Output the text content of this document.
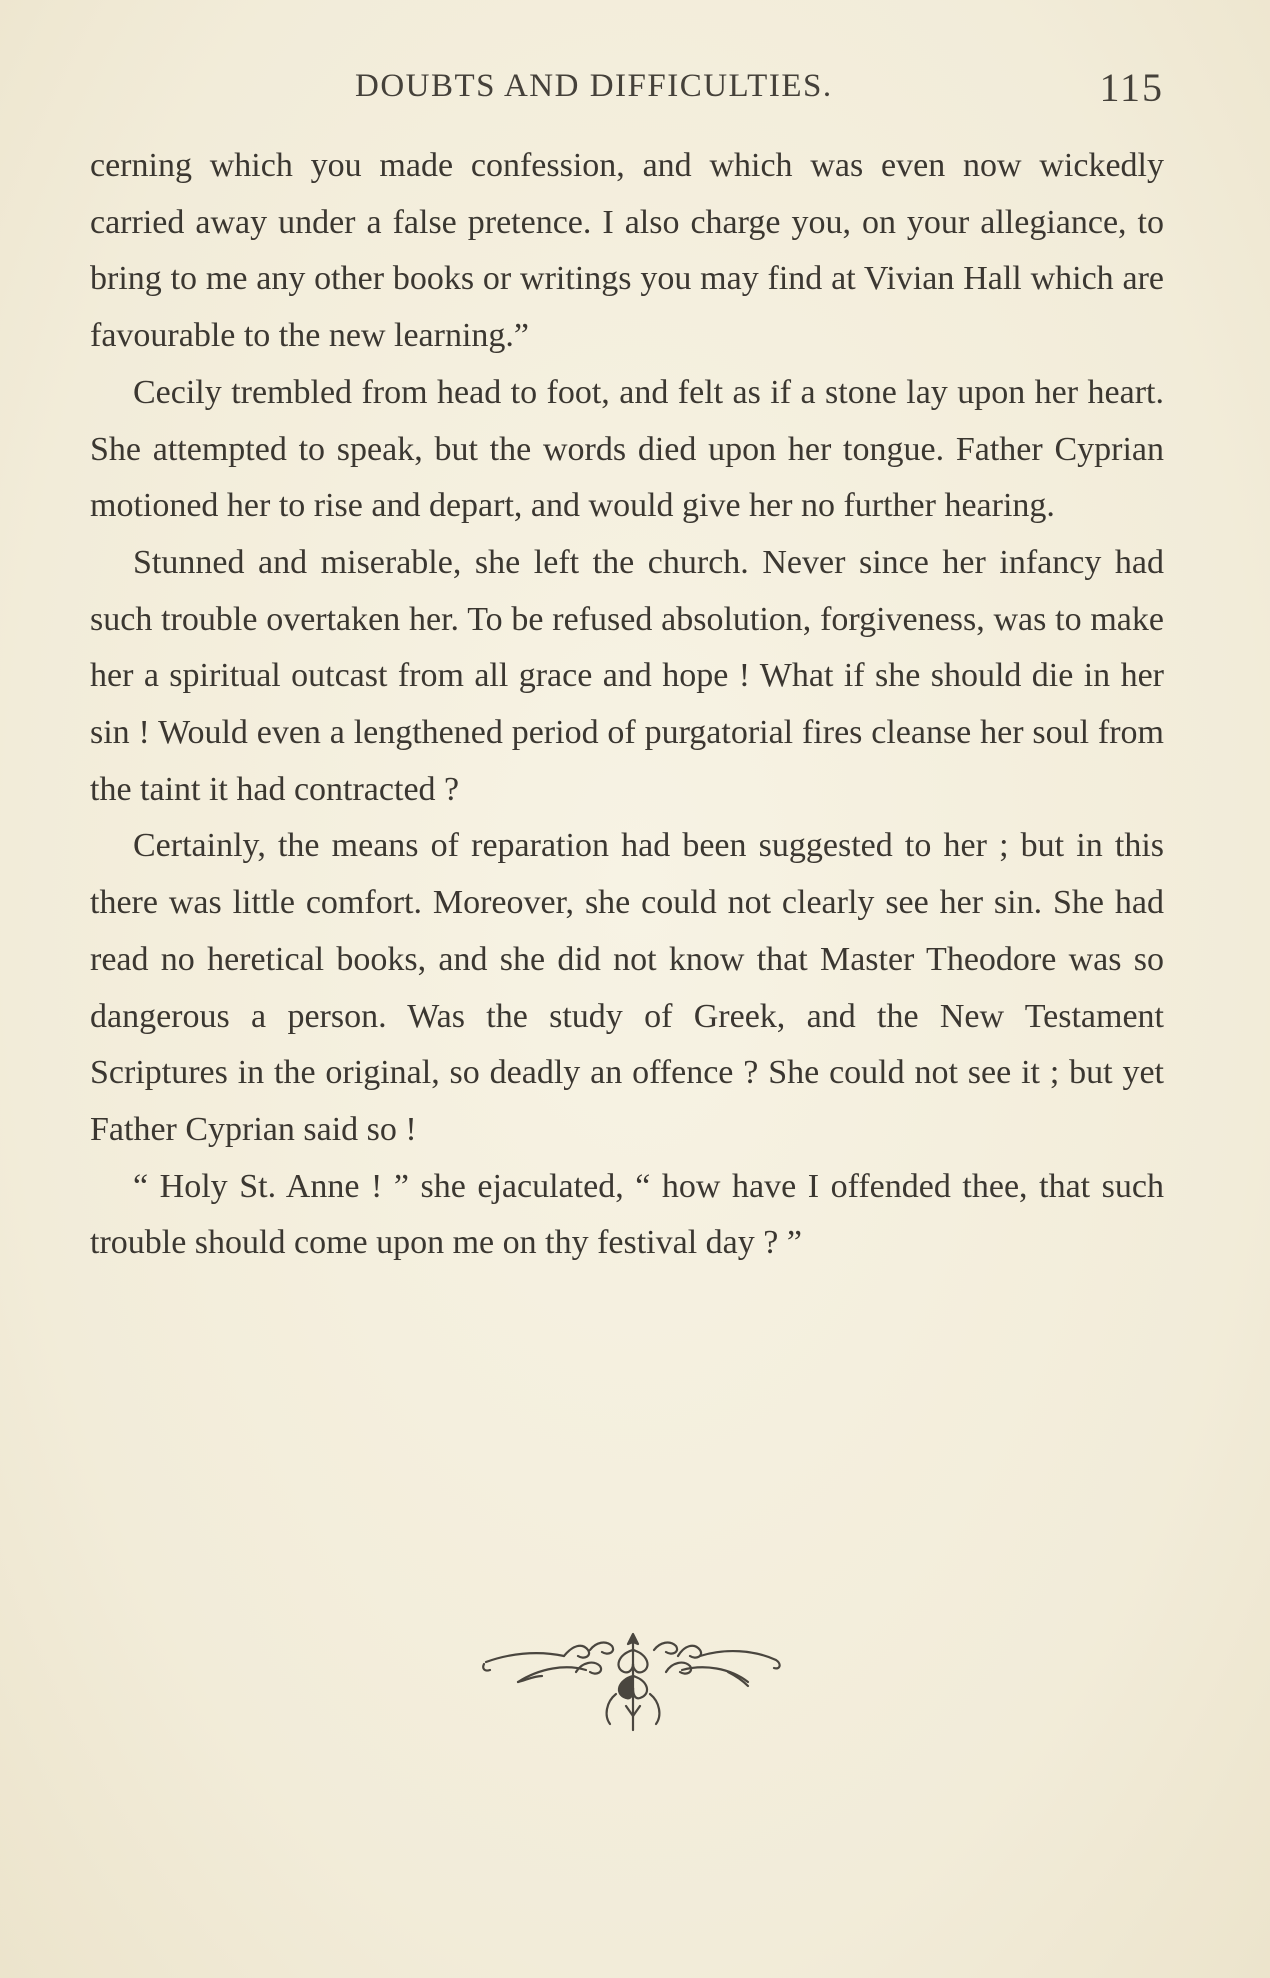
DOUBTS AND DIFFICULTIES.	115

cerning which you made confession, and which was even now wickedly carried away under a false pretence. I also charge you, on your allegiance, to bring to me any other books or writings you may find at Vivian Hall which are favourable to the new learning.”

Cecily trembled from head to foot, and felt as if a stone lay upon her heart. She attempted to speak, but the words died upon her tongue. Father Cyprian motioned her to rise and depart, and would give her no further hearing.

Stunned and miserable, she left the church. Never since her infancy had such trouble overtaken her. To be refused absolution, forgiveness, was to make her a spiritual outcast from all grace and hope ! What if she should die in her sin ! Would even a lengthened period of purgatorial fires cleanse her soul from the taint it had contracted ?

Certainly, the means of reparation had been suggested to her ; but in this there was little comfort. Moreover, she could not clearly see her sin. She had read no heretical books, and she did not know that Master Theodore was so dangerous a person. Was the study of Greek, and the New Testament Scriptures in the original, so deadly an offence ? She could not see it ; but yet Father Cyprian said so !

“ Holy St. Anne ! ” she ejaculated, “ how have I offended thee, that such trouble should come upon me on thy festival day ? ”
